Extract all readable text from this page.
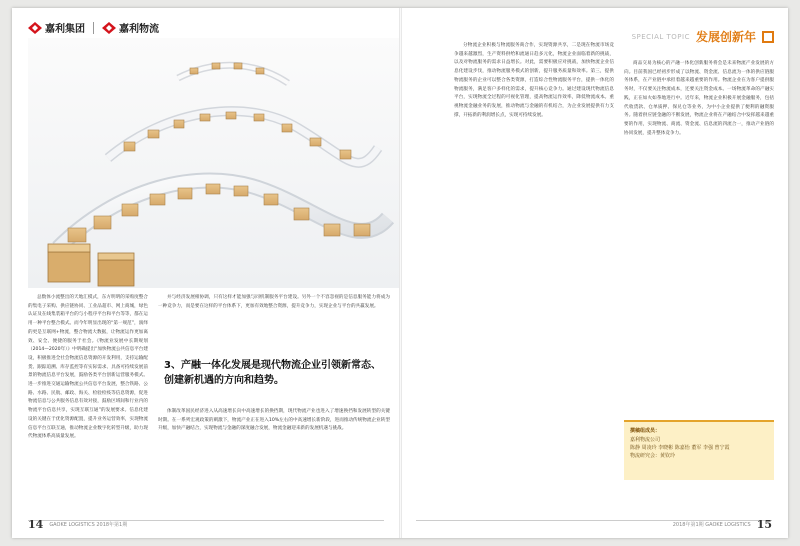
嘉利集团	嘉利物流

总数体小流整出的天地汇模式，东方明明的采购度整合的集电子采购、供应链协同、工业品超市、网上商城，绿色认证及在线集装箱平台的与小程序平台和平台等等，都在运用一种平台整合模式。而今年明显出现的“第一规范”，演绎的更是互联网+物流，整合物流大数据，让物流运作更加离效、安全、便捷的服务于社会。《物流业发展中长期规划（2014—2020年）》中明确提出“加快物流公共信息平台建设，积极推进全社会物流信息资源的开发利用，支持运输配货、跟踪追溯、库存监控等有实际需求、具备可持续发展前景的物流信息平台发展，鼓励各类平台创新运营服务模式。进一步推进交通运输物流公共信息平台发展，整合铁路、公路、水路、民航、邮政、海关、检验检疫等信息资源，促进物流信息与公共服务信息有效对接，鼓励区域间和行业内的物流平台信息共享，实现互联互通”的发展要求。信息化建设的关键在于优化资源配置，提升业务运营效率，实现物流信息平台互联互通，推动物流企业数字化转型升级，助力现代物流体系高质量发展。

并与经济发展相协调，只有这样才能加强与同机制服务平台建设。另外一个不容忽视的是信息服务能力将成为一种竞争力，而是要在这样的平台体系下，更加有效地整合资源，提升竞争力，实现企业与平台的共赢发展。

3、产融一体化发展是现代物流企业引领新常态、创建新机遇的方向和趋势。

体制改革国民经济进入从高速增长向中高速增长的换挡期，现代物流产业也进入了增速换挡和发展转型的关键时期。在一系列宏观政策的刺激下，物流产业正在进入10%左右的中高速增长新阶段，进而推动传统物流企业转型升级，加快产融结合，实现物流与金融的深度融合发展，物流金融迎来新的发展机遇与挑战。

14 GAOKE LOGISTICS 2018年第1期
SPECIAL TOPIC 发展创新年

分物流企业积极与物流服务商合作，实现资源共享，二是现在物流市场竞争越来越激烈，生产资料供给和流通日趋多元化，物流企业面临着新的挑战，以及对物流服务的需求日益增长。对此，需要积极应对挑战，加快物流企业信息化建设步伐，推动物流服务模式的创新，提升服务质量和效率。第三，提供物流服务的企业可以整合各类资源，打造综合性物流服务平台，提供一体化的物流服务，满足客户多样化的需求，提升核心竞争力。通过建设现代物流信息平台，实现物流全过程的可视化管理，提高物流运作效率，降低物流成本。重视物流金融业务的发展，推动物流与金融的有机结合，为企业发展提供有力支撑，开拓新的利润增长点，实现可持续发展。

商品交易为核心的产融一体化创新服务将会是未来物流产业发展的方向。目前我国已经初步形成了以物流、资金流、信息流为一体的供应链服务体系，在产业链中承担着越来越重要的作用。物流企业在为客户提供服务时，不仅要关注物流成本，还要关注资金成本。一场物流革命的产融实践，正在如火如荼地进行中。近年来，物流企业积极开展金融服务，包括代收货款、仓单质押、保兑仓等业务，为中小企业提供了便利的融资服务。随着供应链金融的不断发展，物流企业将在产融结合中发挥越来越重要的作用，实现物流、商流、资金流、信息流的四流合一，推动产业链的协同发展，提升整体竞争力。

撰稿组成员：
嘉利物流公司
陈静 周凌玲 李晓彬 陈嘉怡 董军 李强 曾宁霞
物流研究会：黄钦玲
2018年第1期 GAOKE LOGISTICS 15
